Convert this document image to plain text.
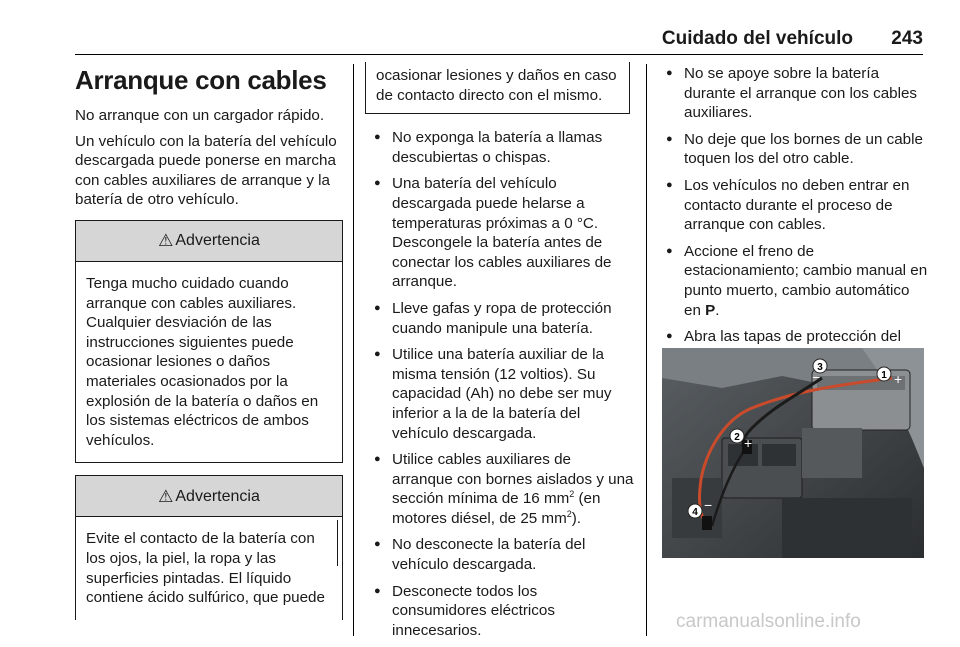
Cuidado del vehículo 243
Arranque con cables
No arranque con un cargador rápido.
Un vehículo con la batería del vehículo descargada puede ponerse en marcha con cables auxiliares de arranque y la batería de otro vehículo.
⚠ Advertencia
Tenga mucho cuidado cuando arranque con cables auxiliares. Cualquier desviación de las instrucciones siguientes puede ocasionar lesiones o daños materiales ocasionados por la explosión de la batería o daños en los sistemas eléctricos de ambos vehículos.
⚠ Advertencia
Evite el contacto de la batería con los ojos, la piel, la ropa y las superficies pintadas. El líquido contiene ácido sulfúrico, que puede
ocasionar lesiones y daños en caso de contacto directo con el mismo.
● No exponga la batería a llamas descubiertas o chispas.
● Una batería del vehículo descargada puede helarse a temperaturas próximas a 0 °C. Descongele la batería antes de conectar los cables auxiliares de arranque.
● Lleve gafas y ropa de protección cuando manipule una batería.
● Utilice una batería auxiliar de la misma tensión (12 voltios). Su capacidad (Ah) no debe ser muy inferior a la de la batería del vehículo descargada.
● Utilice cables auxiliares de arranque con bornes aislados y una sección mínima de 16 $mm^2$ (en motores diésel, de 25 $mm^2$).
● No desconecte la batería del vehículo descargada.
● Desconecte todos los consumidores eléctricos innecesarios.
● No se apoye sobre la batería durante el arranque con los cables auxiliares.
● No deje que los bornes de un cable toquen los del otro cable.
● Los vehículos no deben entrar en contacto durante el proceso de arranque con cables.
● Accione el freno de estacionamiento; cambio manual en punto muerto, cambio automático en P.
● Abra las tapas de protección del
1 +
3
−
2 +
4 −
carmanualsonline.info
